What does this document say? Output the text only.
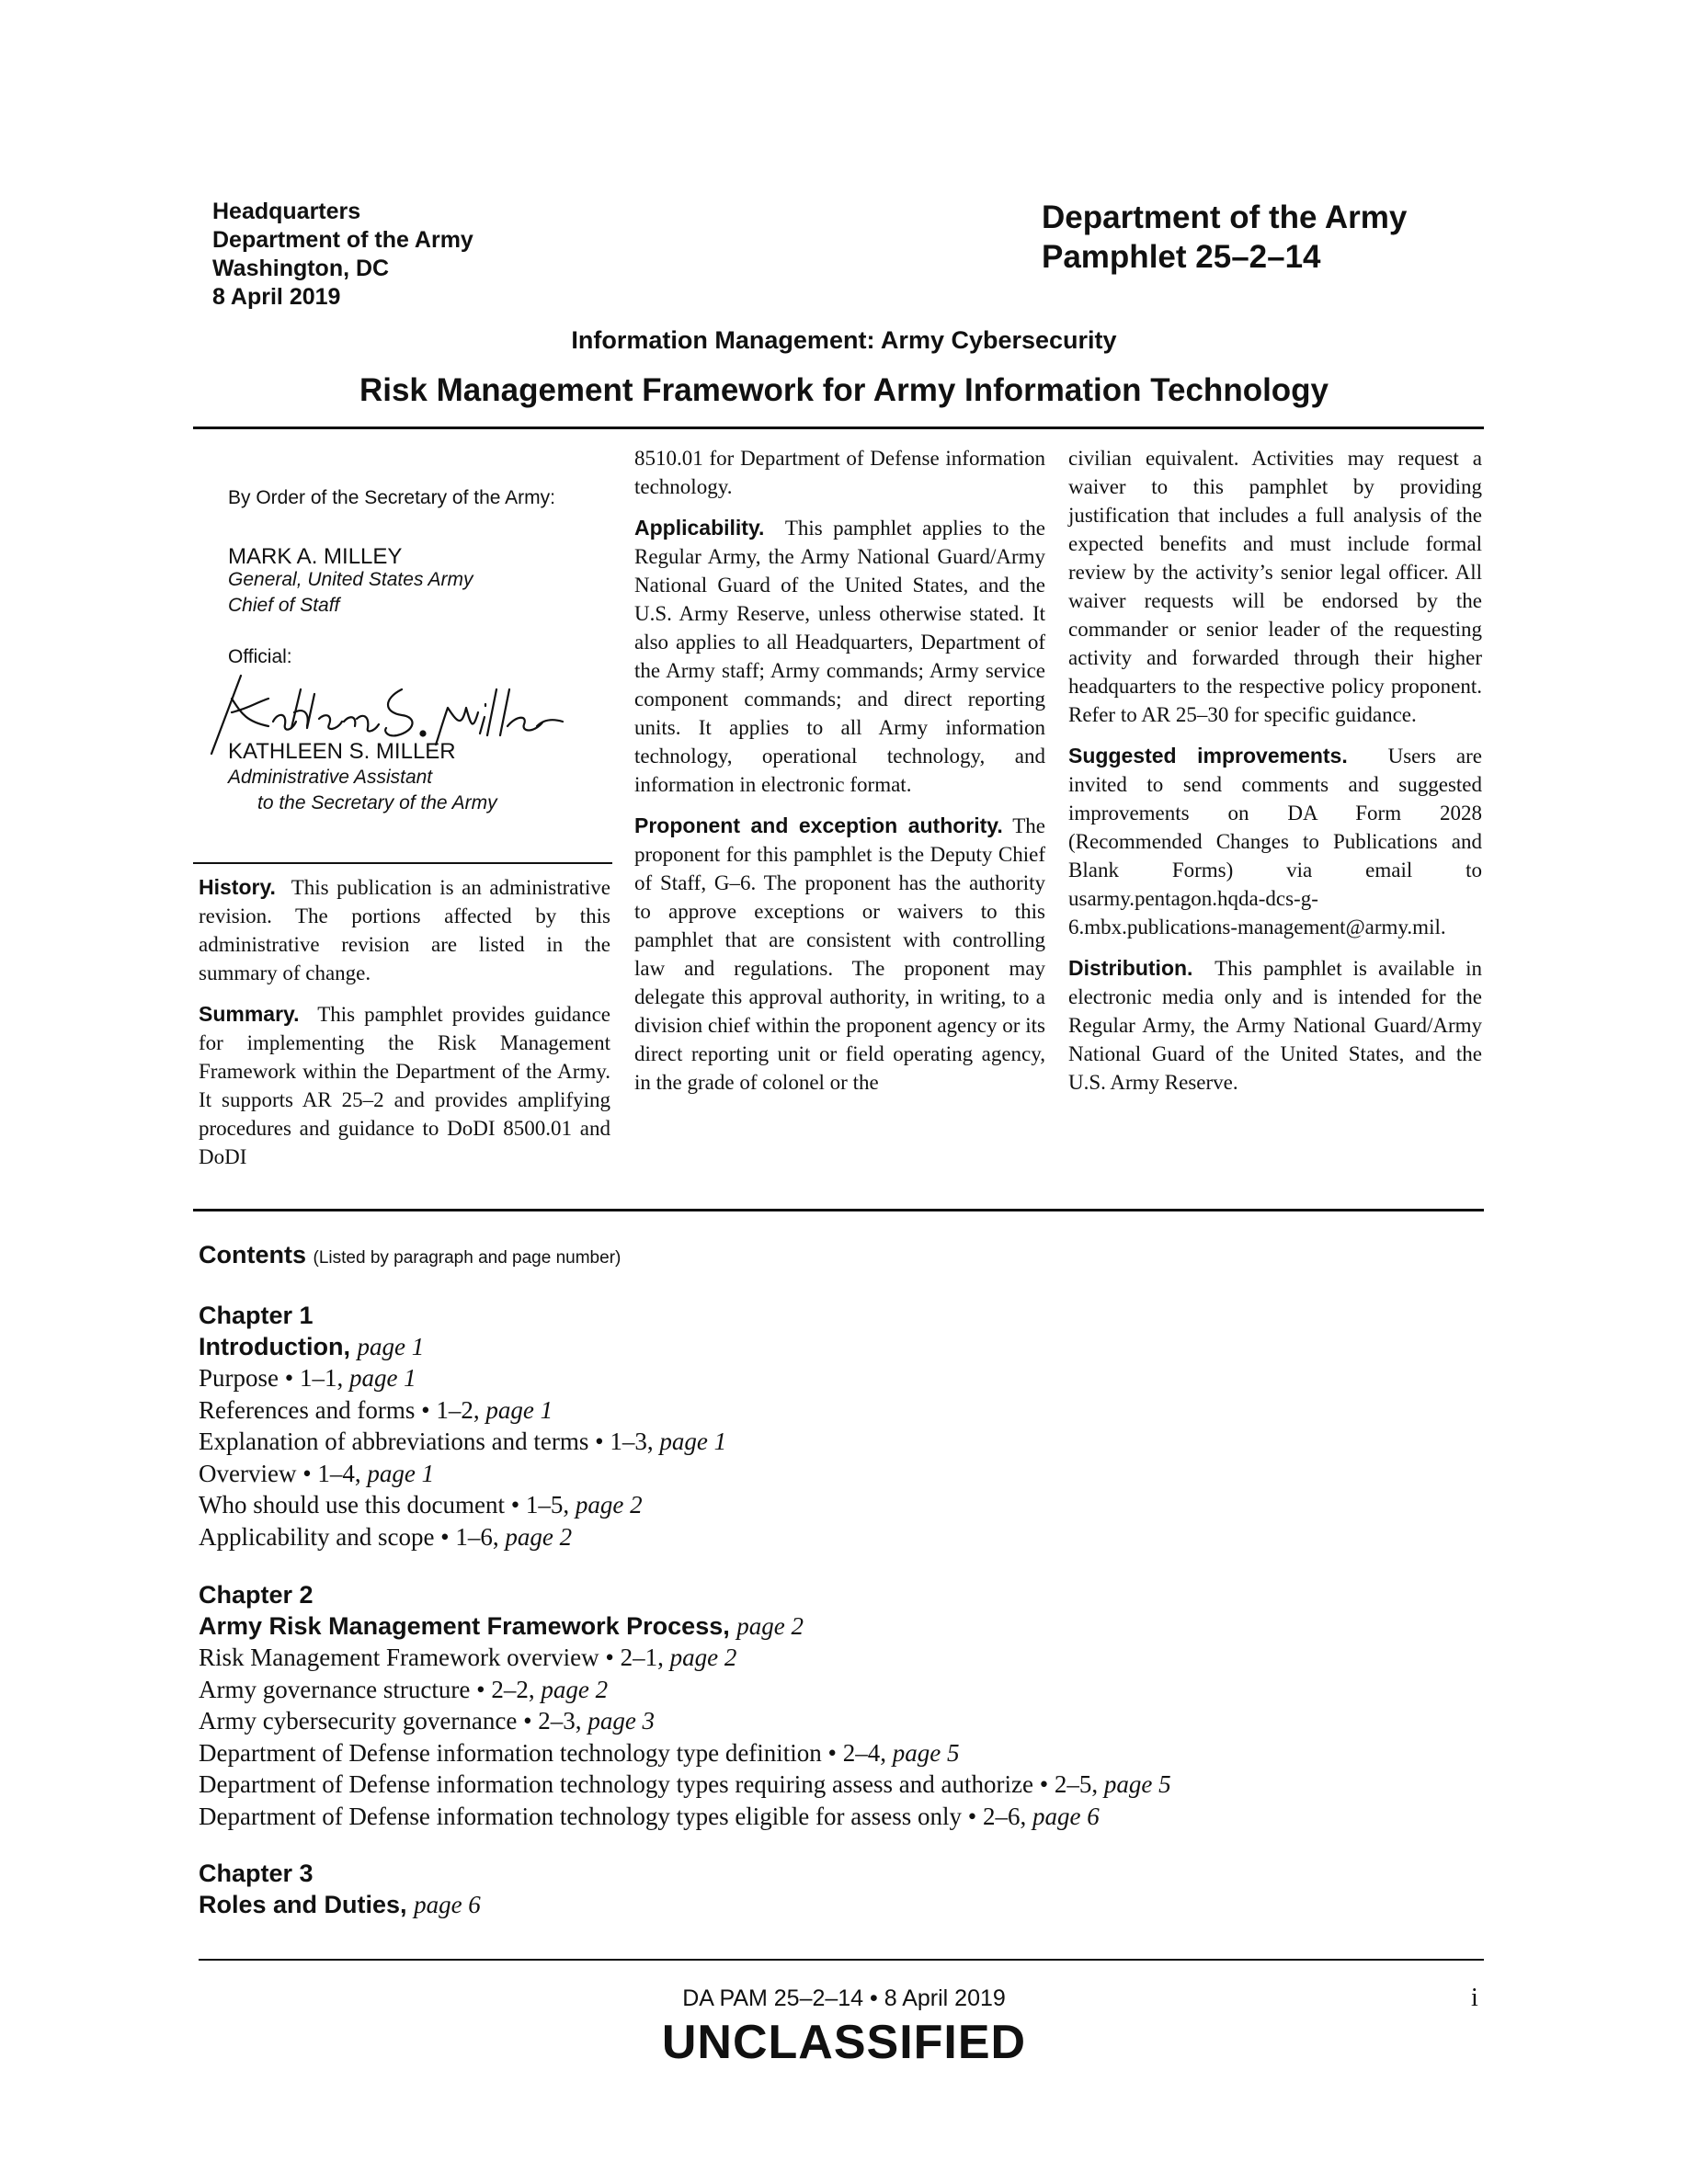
Headquarters
Department of the Army
Washington, DC
8 April 2019
Department of the Army
Pamphlet 25–2–14
Information Management: Army Cybersecurity
Risk Management Framework for Army Information Technology
By Order of the Secretary of the Army:
MARK A. MILLEY
General, United States Army
Chief of Staff
Official:
KATHLEEN S. MILLER
Administrative Assistant
to the Secretary of the Army

History. This publication is an administrative revision. The portions affected by this administrative revision are listed in the summary of change.

Summary. This pamphlet provides guidance for implementing the Risk Management Framework within the Department of the Army. It supports AR 25–2 and provides amplifying procedures and guidance to DoDI 8500.01 and DoDI

8510.01 for Department of Defense information technology.

Applicability. This pamphlet applies to the Regular Army, the Army National Guard/Army National Guard of the United States, and the U.S. Army Reserve, unless otherwise stated. It also applies to all Headquarters, Department of the Army staff; Army commands; Army service component commands; and direct reporting units. It applies to all Army information technology, operational technology, and information in electronic format.

Proponent and exception authority. The proponent for this pamphlet is the Deputy Chief of Staff, G–6. The proponent has the authority to approve exceptions or waivers to this pamphlet that are consistent with controlling law and regulations. The proponent may delegate this approval authority, in writing, to a division chief within the proponent agency or its direct reporting unit or field operating agency, in the grade of colonel or the

civilian equivalent. Activities may request a waiver to this pamphlet by providing justification that includes a full analysis of the expected benefits and must include formal review by the activity’s senior legal officer. All waiver requests will be endorsed by the commander or senior leader of the requesting activity and forwarded through their higher headquarters to the respective policy proponent. Refer to AR 25–30 for specific guidance.

Suggested improvements. Users are invited to send comments and suggested improvements on DA Form 2028 (Recommended Changes to Publications and Blank Forms) via email to usarmy.pentagon.hqda-dcs-g-6.mbx.publications-management@army.mil.

Distribution. This pamphlet is available in electronic media only and is intended for the Regular Army, the Army National Guard/Army National Guard of the United States, and the U.S. Army Reserve.

Contents (Listed by paragraph and page number)
Chapter 1
Introduction, page 1
Purpose • 1–1, page 1
References and forms • 1–2, page 1
Explanation of abbreviations and terms • 1–3, page 1
Overview • 1–4, page 1
Who should use this document • 1–5, page 2
Applicability and scope • 1–6, page 2
Chapter 2
Army Risk Management Framework Process, page 2
Risk Management Framework overview • 2–1, page 2
Army governance structure • 2–2, page 2
Army cybersecurity governance • 2–3, page 3
Department of Defense information technology type definition • 2–4, page 5
Department of Defense information technology types requiring assess and authorize • 2–5, page 5
Department of Defense information technology types eligible for assess only • 2–6, page 6
Chapter 3
Roles and Duties, page 6
DA PAM 25–2–14 • 8 April 2019	i
UNCLASSIFIED
